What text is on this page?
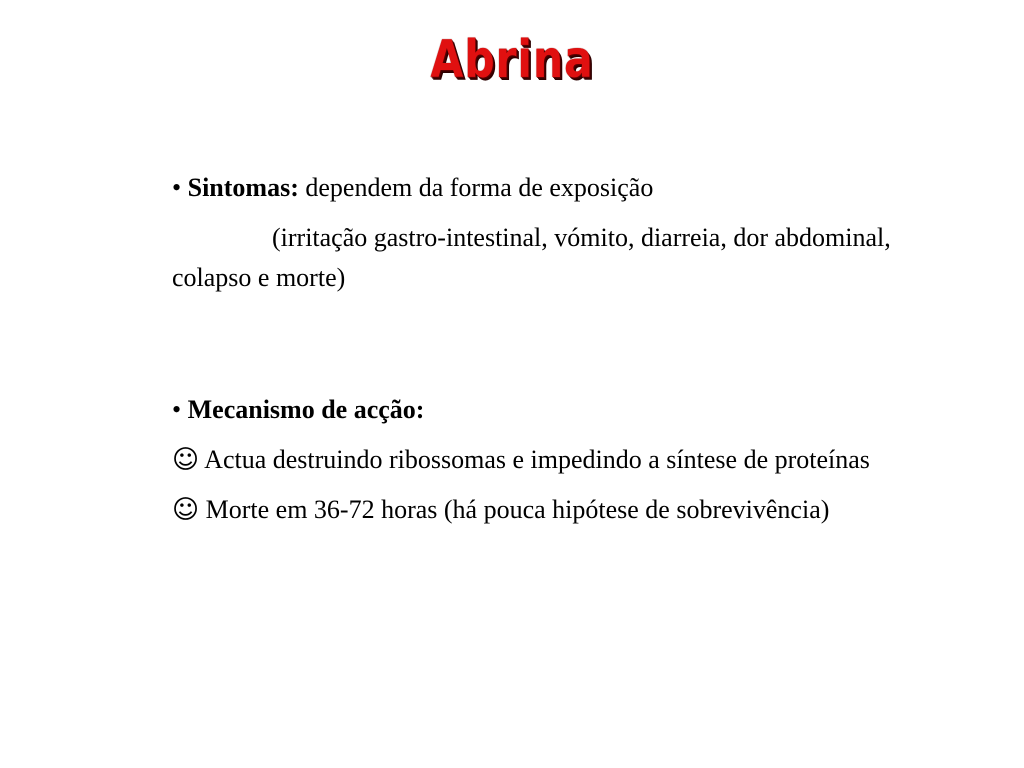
Abrina

• Sintomas: dependem da forma de exposição

(irritação gastro-intestinal, vómito, diarreia, dor abdominal, colapso e morte)

• Mecanismo de acção:

☺ Actua destruindo ribossomas e impedindo a síntese de proteínas

☺ Morte em 36-72 horas (há pouca hipótese de sobrevivência)
